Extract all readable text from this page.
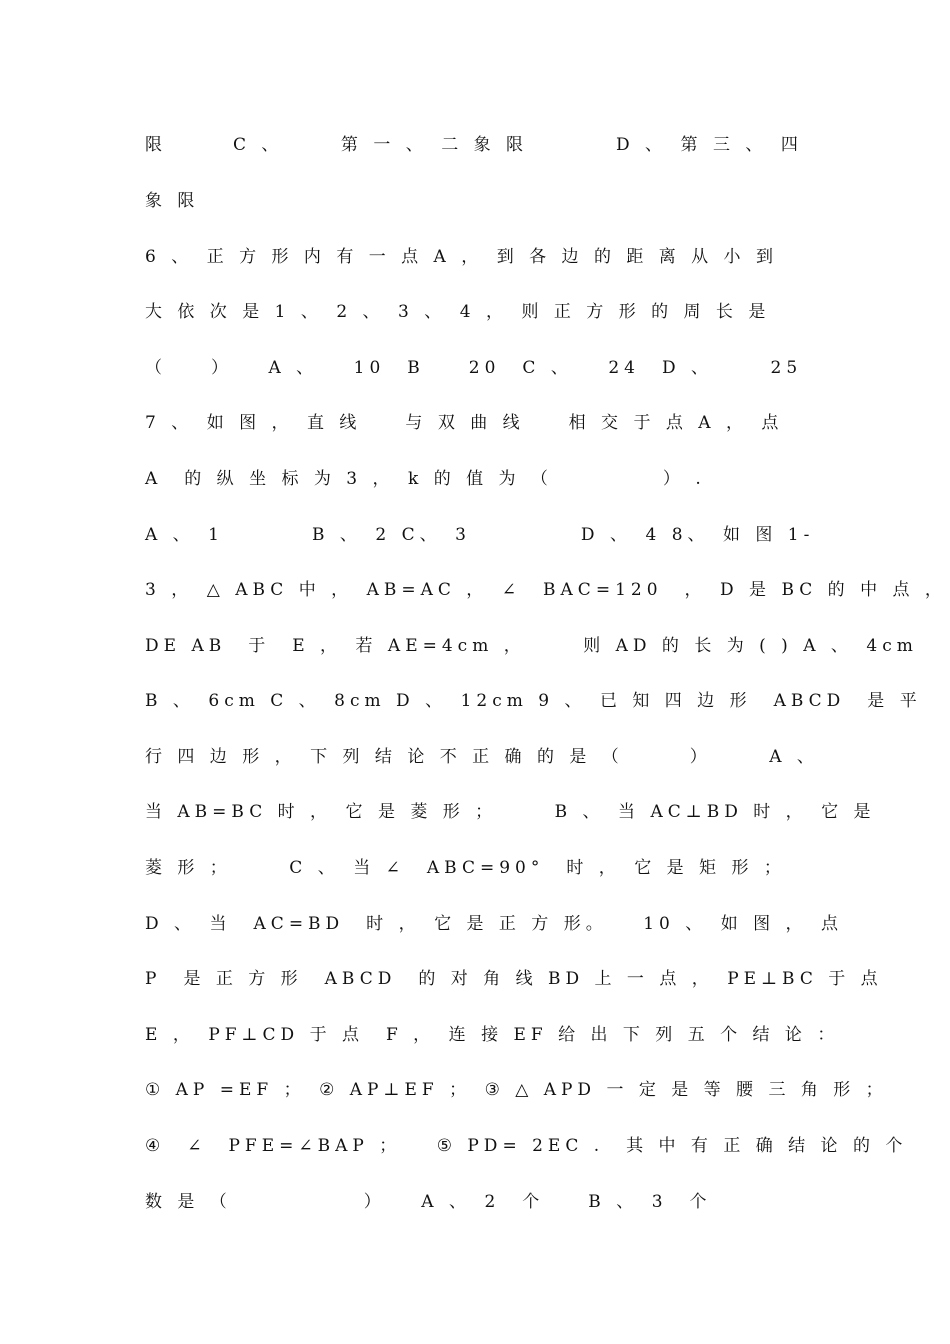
限　　　C 、　　　第 一 、　二 象 限　　　　D 、　第 三 、　四
象 限
6 、　正 方 形 内 有 一 点 A ，　到 各 边 的 距 离 从 小 到
大 依 次 是 1 、　2 、　3 、　4 ，　则 正 方 形 的 周 长 是
（　　）　　A 、　　10　B　　20　C 、　　24　D 、　　　25
7 、　如 图 ，　直 线　　与 双 曲 线　　相 交 于 点 A ，　点
A　的 纵 坐 标 为 3 ，　k 的 值 为 （　　　　　） .
A 、　1　　　　B 、　2 C、　3　　　　　D 、　4 8、　如 图 1-
3 ，　△ ABC 中 ，　AB=AC ，　∠　BAC=120　，　D 是 BC 的 中 点 ，
DE AB　于　E ，　若 AE=4cm ，　　　则 AD 的 长 为 ( ) A 、　4cm
B 、　6cm C 、　8cm D 、　12cm 9 、　已 知 四 边 形　ABCD　是 平
行 四 边 形 ，　下 列 结 论 不 正 确 的 是 （　　　）　　　A 、
当 AB=BC 时 ，　它 是 菱 形 ；　　　B 、　当 AC⊥BD 时 ，　它 是
菱 形 ；　　　C 、　当 ∠　ABC=90°　时 ，　它 是 矩 形 ；
D 、　当　AC=BD　时 ，　它 是 正 方 形。　　10 、　如 图 ，　点
P　是 正 方 形　ABCD　的 对 角 线 BD 上 一 点 ，　PE⊥BC 于 点
E ，　PF⊥CD 于 点　F ，　连 接 EF 给 出 下 列 五 个 结 论 ：
① AP =EF ；　② AP⊥EF ；　③ △ APD 一 定 是 等 腰 三 角 形 ；
④　∠　PFE=∠BAP ；　　⑤ PD= 2EC .　其 中 有 正 确 结 论 的 个
数 是 （　　　　　　）　　A 、　2　个　　B 、　3　个
